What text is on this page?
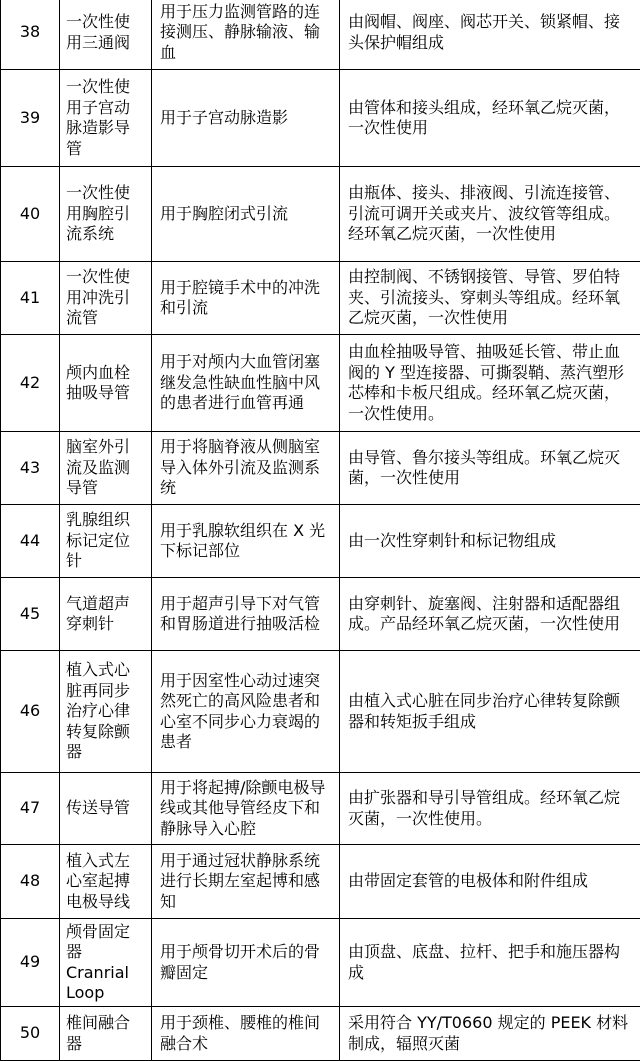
38	一次性使用三通阀	用于压力监测管路的连接测压、静脉输液、输血	由阀帽、阀座、阀芯开关、锁紧帽、接头保护帽组成
39	一次性使用子宫动脉造影导管	用于子宫动脉造影	由管体和接头组成，经环氧乙烷灭菌，一次性使用
40	一次性使用胸腔引流系统	用于胸腔闭式引流	由瓶体、接头、排液阀、引流连接管、引流可调开关或夹片、波纹管等组成。经环氧乙烷灭菌，一次性使用
41	一次性使用冲洗引流管	用于腔镜手术中的冲洗和引流	由控制阀、不锈钢接管、导管、罗伯特夹、引流接头、穿刺头等组成。经环氧乙烷灭菌，一次性使用
42	颅内血栓抽吸导管	用于对颅内大血管闭塞继发急性缺血性脑中风的患者进行血管再通	由血栓抽吸导管、抽吸延长管、带止血阀的 Y 型连接器、可撕裂鞘、蒸汽塑形芯棒和卡板尺组成。经环氧乙烷灭菌，一次性使用。
43	脑室外引流及监测导管	用于将脑脊液从侧脑室导入体外引流及监测系统	由导管、鲁尔接头等组成。环氧乙烷灭菌，一次性使用
44	乳腺组织标记定位针	用于乳腺软组织在 X 光下标记部位	由一次性穿刺针和标记物组成
45	气道超声穿刺针	用于超声引导下对气管和胃肠道进行抽吸活检	由穿刺针、旋塞阀、注射器和适配器组成。产品经环氧乙烷灭菌，一次性使用
46	植入式心脏再同步治疗心律转复除颤器	用于因室性心动过速突然死亡的高风险患者和心室不同步心力衰竭的患者	由植入式心脏在同步治疗心律转复除颤器和转矩扳手组成
47	传送导管	用于将起搏/除颤电极导线或其他导管经皮下和静脉导入心腔	由扩张器和导引导管组成。经环氧乙烷灭菌，一次性使用。
48	植入式左心室起搏电极导线	用于通过冠状静脉系统进行长期左室起博和感知	由带固定套管的电极体和附件组成
49	颅骨固定器 Cranrial Loop	用于颅骨切开术后的骨瓣固定	由顶盘、底盘、拉杆、把手和施压器构成
50	椎间融合器	用于颈椎、腰椎的椎间融合术	采用符合 YY/T0660 规定的 PEEK 材料制成，辐照灭菌
